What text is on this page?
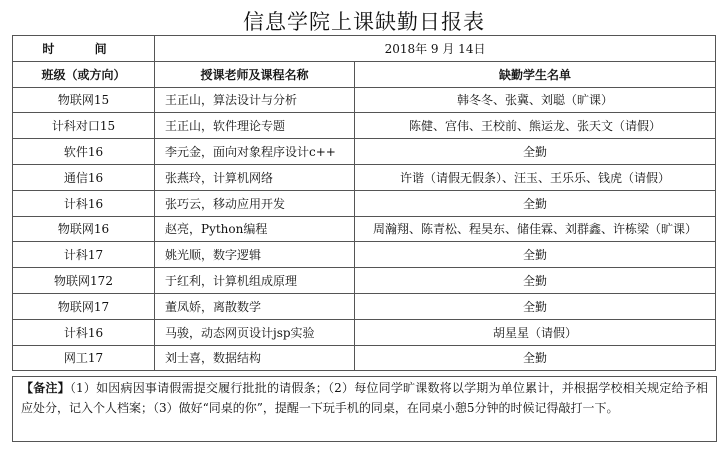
信息学院上课缺勤日报表
时 间	2018年 9 月 14日	
班级（或方向）	授课老师及课程名称	缺勤学生名单
物联网15	王正山，算法设计与分析	韩冬冬、张冀、刘聪（旷课）
计科对口15	王正山，软件理论专题	陈健、宫伟、王校前、熊运龙、张天文（请假）
软件16	李元金，面向对象程序设计c++	全勤
通信16	张燕玲，计算机网络	许谐（请假无假条）、汪玉、王乐乐、钱虎（请假）
计科16	张巧云，移动应用开发	全勤
物联网16	赵亮，Python编程	周瀚翔、陈青松、程昊东、储佳霖、刘群鑫、许栋梁（旷课）
计科17	姚光顺，数字逻辑	全勤
物联网172	于红利，计算机组成原理	全勤
物联网17	董凤娇，离散数学	全勤
计科16	马骏，动态网页设计jsp实验	胡星星（请假）
网工17	刘士喜，数据结构	全勤
【备注】（1）如因病因事请假需提交履行批批的请假条；（2）每位同学旷课数将以学期为单位累计，并根据学校相关规定给予相应处分，记入个人档案；（3）做好“同桌的你”，提醒一下玩手机的同桌，在同桌小憩5分钟的时候记得敲打一下。
